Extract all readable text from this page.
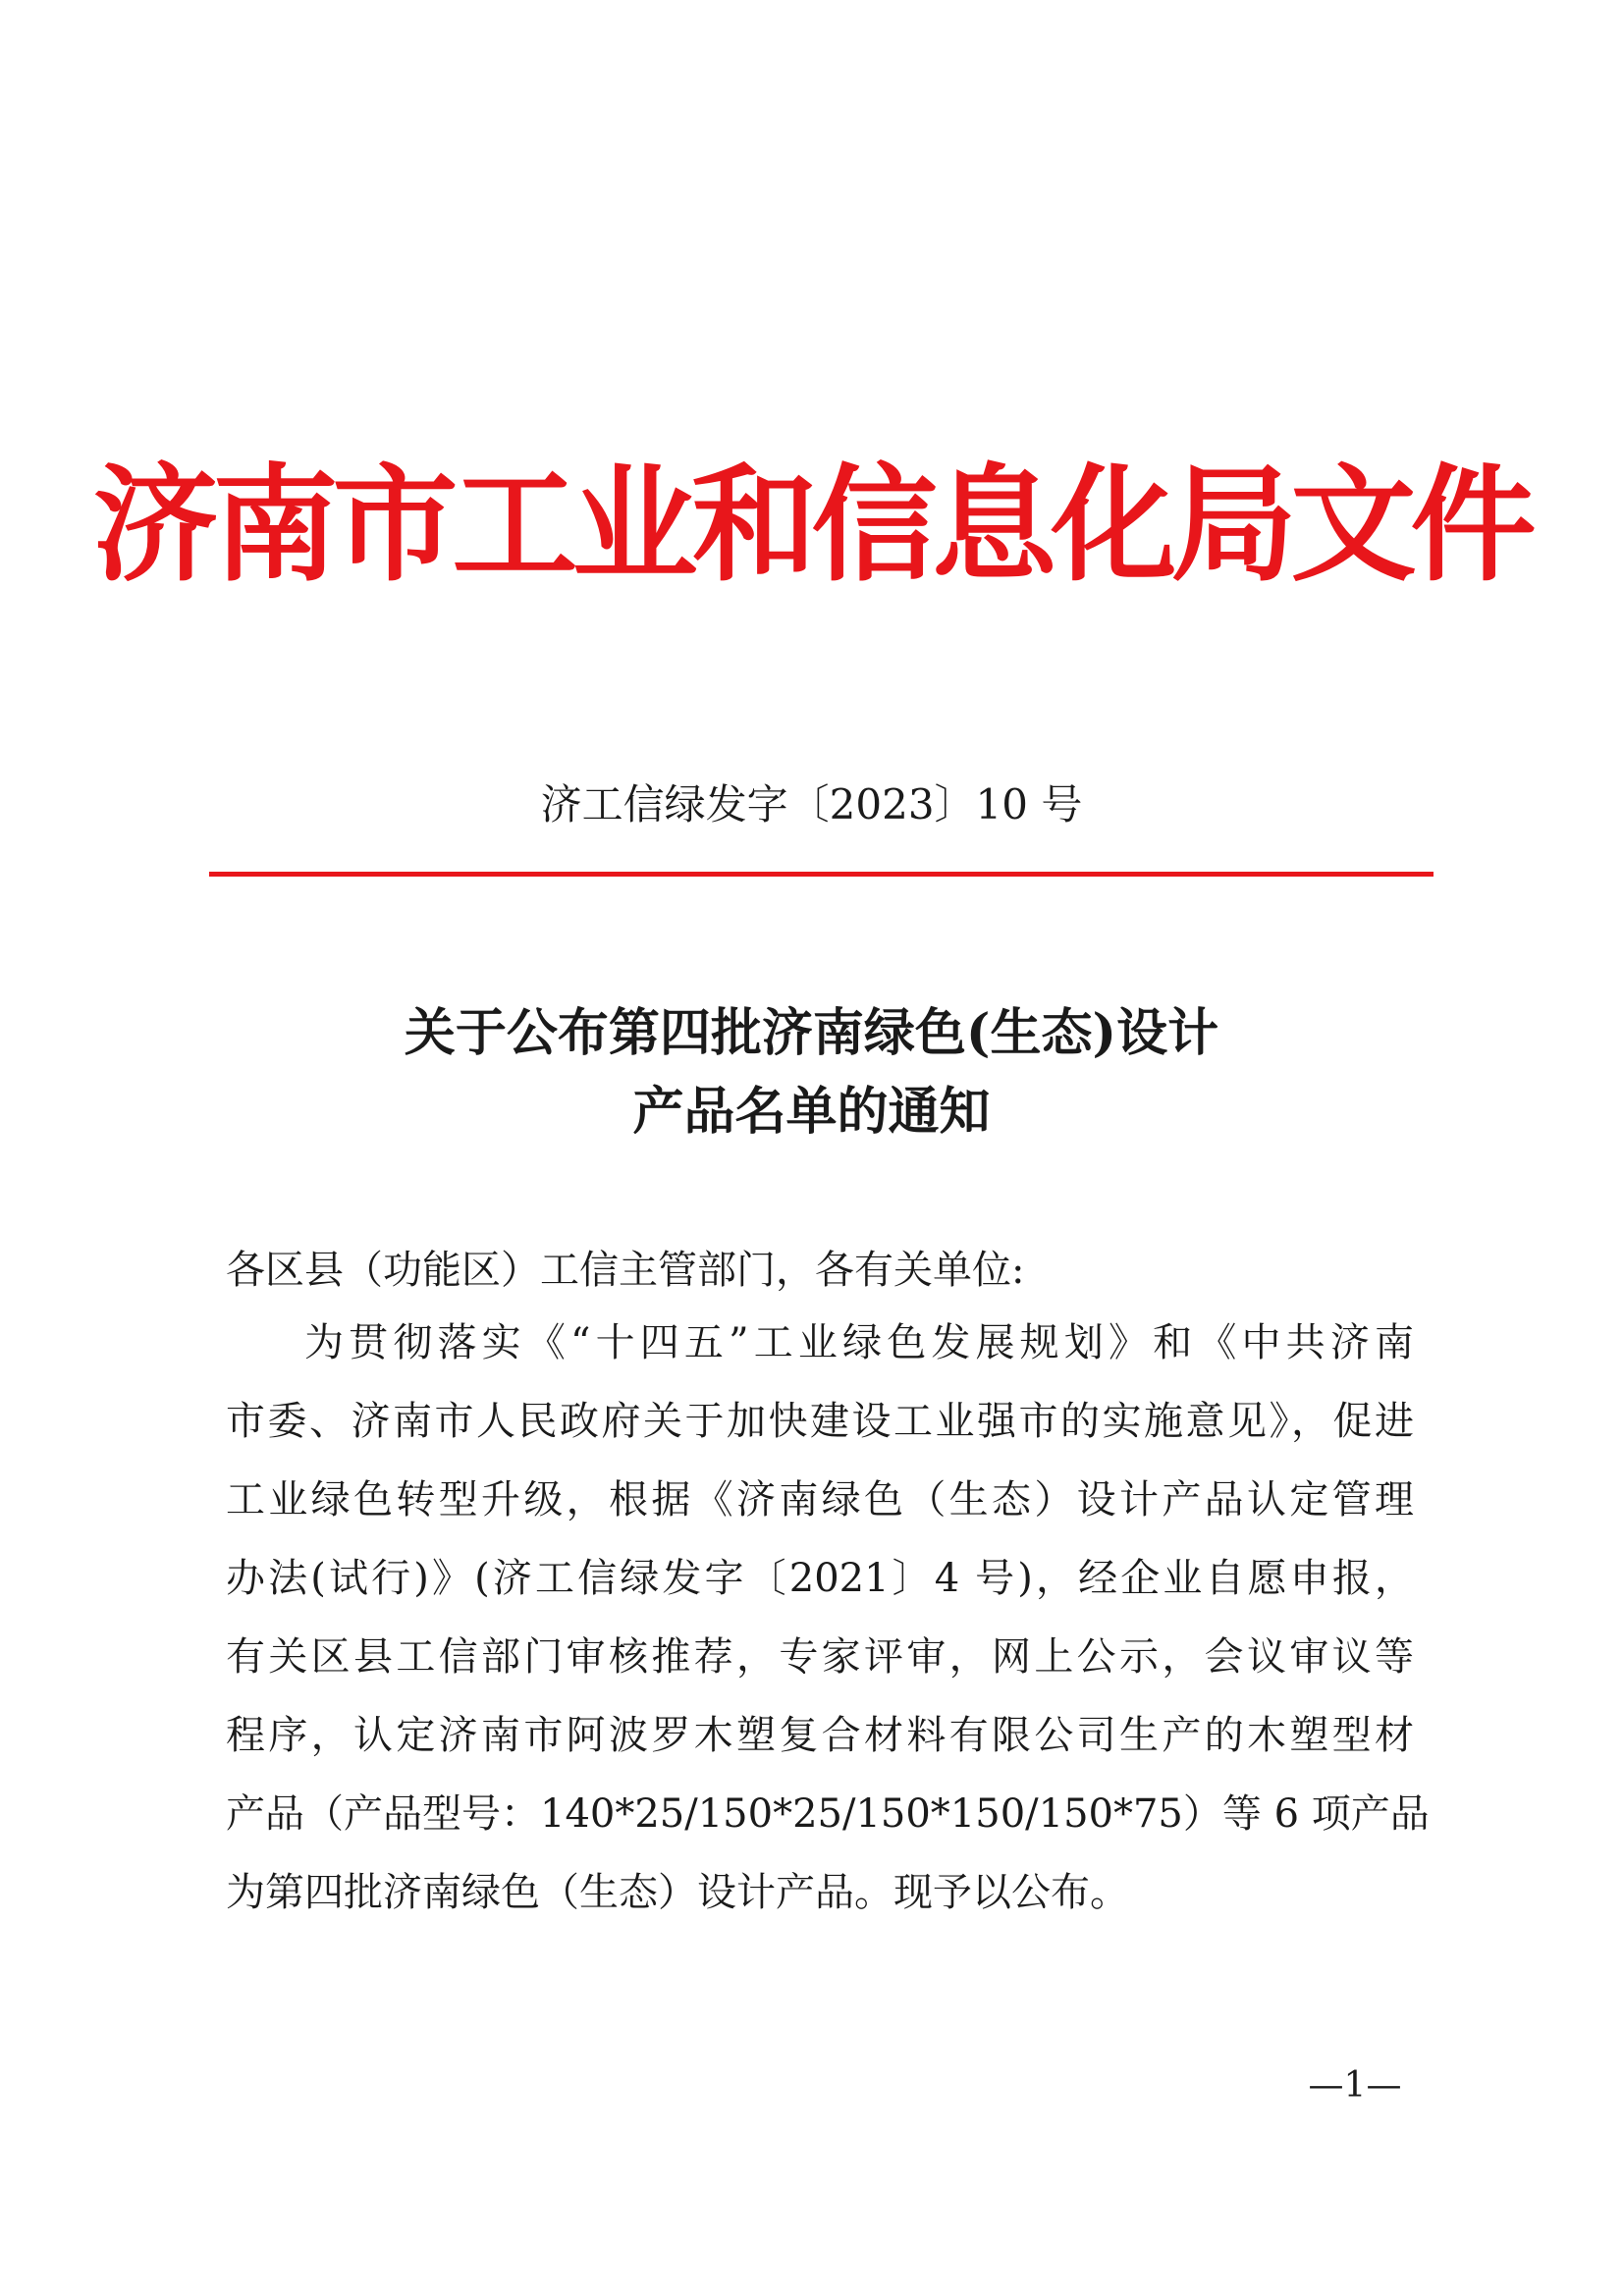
济南市工业和信息化局文件
济工信绿发字〔2023〕10 号
关于公布第四批济南绿色(生态)设计
产品名单的通知
各区县（功能区）工信主管部门，各有关单位:
为贯彻落实《“十四五”工业绿色发展规划》和《中共济南
市委、济南市人民政府关于加快建设工业强市的实施意见》，促进
工业绿色转型升级，根据《济南绿色（生态）设计产品认定管理
办法(试行)》(济工信绿发字〔2021〕4 号)，经企业自愿申报，
有关区县工信部门审核推荐，专家评审，网上公示，会议审议等
程序，认定济南市阿波罗木塑复合材料有限公司生产的木塑型材
产品（产品型号：140*25/150*25/150*150/150*75）等 6 项产品
为第四批济南绿色（生态）设计产品。现予以公布。
—1—
